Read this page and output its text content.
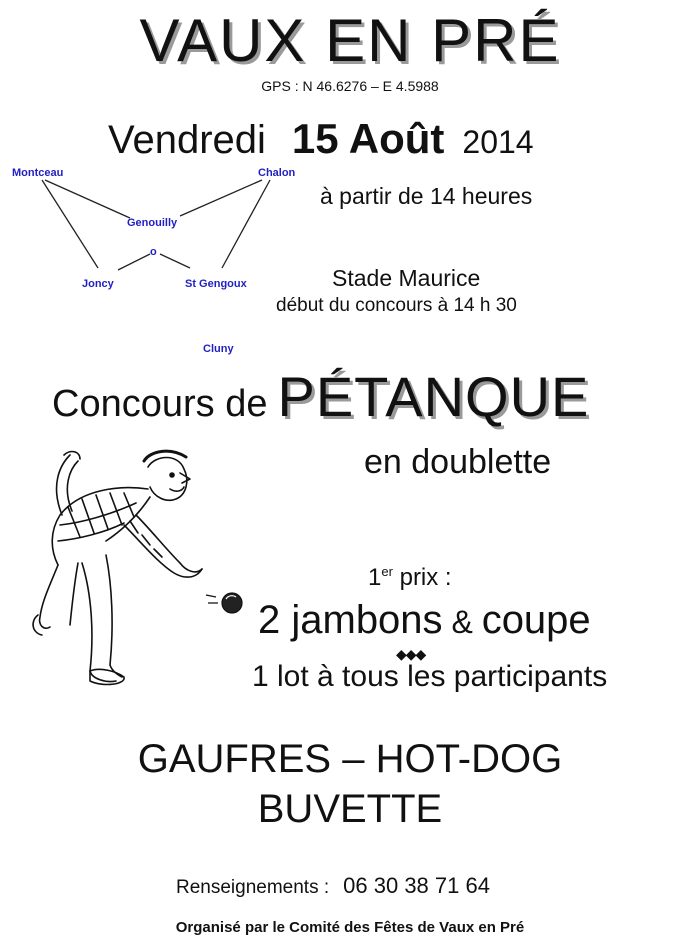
VAUX EN PRÉ
GPS : N 46.6276 – E 4.5988
Vendredi 15 Août 2014
Montceau	Chalon
Genouilly
o
Joncy	St Gengoux
Cluny
à partir de 14 heures
Stade Maurice
début du concours à 14 h 30
Concours de PÉTANQUE
en doublette
1er prix :
2 jambons & coupe
◆◆◆
1 lot à tous les participants
GAUFRES – HOT-DOG
BUVETTE
Renseignements : 06 30 38 71 64
Organisé par le Comité des Fêtes de Vaux en Pré
